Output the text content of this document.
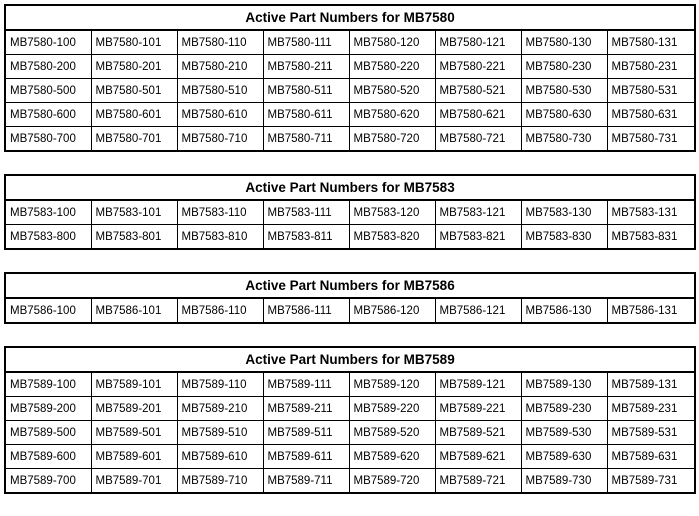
Active Part Numbers for MB7580							
MB7580-100	MB7580-101	MB7580-110	MB7580-111	MB7580-120	MB7580-121	MB7580-130	MB7580-131
MB7580-200	MB7580-201	MB7580-210	MB7580-211	MB7580-220	MB7580-221	MB7580-230	MB7580-231
MB7580-500	MB7580-501	MB7580-510	MB7580-511	MB7580-520	MB7580-521	MB7580-530	MB7580-531
MB7580-600	MB7580-601	MB7580-610	MB7580-611	MB7580-620	MB7580-621	MB7580-630	MB7580-631
MB7580-700	MB7580-701	MB7580-710	MB7580-711	MB7580-720	MB7580-721	MB7580-730	MB7580-731
Active Part Numbers for MB7583							
MB7583-100	MB7583-101	MB7583-110	MB7583-111	MB7583-120	MB7583-121	MB7583-130	MB7583-131
MB7583-800	MB7583-801	MB7583-810	MB7583-811	MB7583-820	MB7583-821	MB7583-830	MB7583-831
Active Part Numbers for MB7586
MB7586-100	MB7586-101	MB7586-110	MB7586-111	MB7586-120	MB7586-121	MB7586-130	MB7586-131
Active Part Numbers for MB7589							
MB7589-100	MB7589-101	MB7589-110	MB7589-111	MB7589-120	MB7589-121	MB7589-130	MB7589-131
MB7589-200	MB7589-201	MB7589-210	MB7589-211	MB7589-220	MB7589-221	MB7589-230	MB7589-231
MB7589-500	MB7589-501	MB7589-510	MB7589-511	MB7589-520	MB7589-521	MB7589-530	MB7589-531
MB7589-600	MB7589-601	MB7589-610	MB7589-611	MB7589-620	MB7589-621	MB7589-630	MB7589-631
MB7589-700	MB7589-701	MB7589-710	MB7589-711	MB7589-720	MB7589-721	MB7589-730	MB7589-731
